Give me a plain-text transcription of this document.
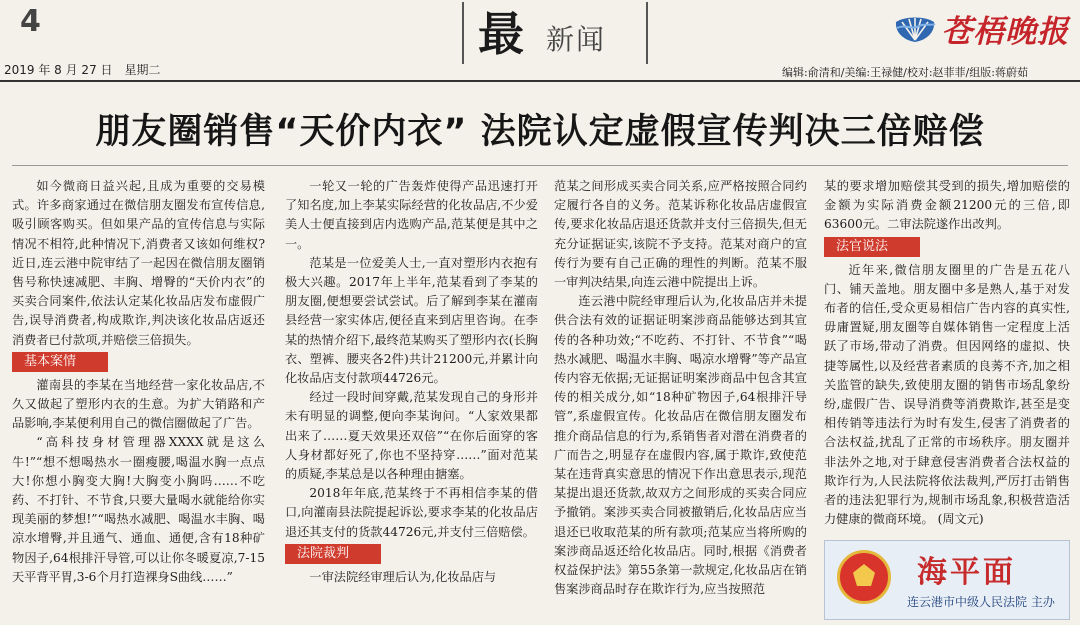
4
2019 年 8 月 27 日　星期二
最 新闻	苍梧晚报
编辑:俞清和/美编:王禄健/校对:赵菲菲/组版:蒋蔚茹
朋友圈销售“天价内衣” 法院认定虚假宣传判决三倍赔偿

如今微商日益兴起,且成为重要的交易模式。许多商家通过在微信朋友圈发布宣传信息,吸引顾客购买。但如果产品的宣传信息与实际情况不相符,此种情况下,消费者又该如何维权?近日,连云港中院审结了一起因在微信朋友圈销售号称快速减肥、丰胸、增臀的“天价内衣”的买卖合同案件,依法认定某化妆品店发布虚假广告,误导消费者,构成欺诈,判决该化妆品店返还消费者已付款项,并赔偿三倍损失。

基本案情

灌南县的李某在当地经营一家化妆品店,不久又做起了塑形内衣的生意。为扩大销路和产品影响,李某便利用自己的微信圈做起了广告。

“高科技身材管理器XXXX就是这么牛!”“想不想喝热水一圈瘦腰,喝温水胸一点点大!你想小胸变大胸!大胸变小胸吗……不吃药、不打针、不节食,只要大量喝水就能给你实现美丽的梦想!”“喝热水减肥、喝温水丰胸、喝凉水增臀,并且通气、通血、通便,含有18种矿物因子,64根排汗导管,可以让你冬暖夏凉,7-15天平背平胃,3-6个月打造裸身S曲线……”

一轮又一轮的广告轰炸使得产品迅速打开了知名度,加上李某实际经营的化妆品店,不少爱美人士便直接到店内选购产品,范某便是其中之一。

范某是一位爱美人士,一直对塑形内衣抱有极大兴趣。2017年上半年,范某看到了李某的朋友圈,便想要尝试尝试。后了解到李某在灌南县经营一家实体店,便径直来到店里咨询。在李某的热情介绍下,最终范某购买了塑形内衣(长胸衣、塑裤、腰夹各2件)共计21200元,并累计向化妆品店支付款项44726元。

经过一段时间穿戴,范某发现自己的身形并未有明显的调整,便向李某询问。“人家效果都出来了……夏天效果还双倍”“在你后面穿的客人身材都好死了,你也不坚持穿……”面对范某的质疑,李某总是以各种理由搪塞。

2018年年底,范某终于不再相信李某的借口,向灌南县法院提起诉讼,要求李某的化妆品店退还其支付的货款44726元,并支付三倍赔偿。

法院裁判

一审法院经审理后认为,化妆品店与

范某之间形成买卖合同关系,应严格按照合同约定履行各自的义务。范某诉称化妆品店虚假宣传,要求化妆品店退还货款并支付三倍损失,但无充分证据证实,该院不予支持。范某对商户的宣传行为要有自己正确的理性的判断。范某不服一审判决结果,向连云港中院提出上诉。

连云港中院经审理后认为,化妆品店并未提供合法有效的证据证明案涉商品能够达到其宣传的各种功效;“不吃药、不打针、不节食”“喝热水减肥、喝温水丰胸、喝凉水增臀”等产品宣传内容无依据;无证据证明案涉商品中包含其宣传的相关成分,如“18种矿物因子,64根排汗导管”,系虚假宣传。化妆品店在微信朋友圈发布推介商品信息的行为,系销售者对潜在消费者的广而告之,明显存在虚假内容,属于欺诈,致使范某在违背真实意思的情况下作出意思表示,现范某提出退还货款,故双方之间形成的买卖合同应予撤销。案涉买卖合同被撤销后,化妆品店应当退还已收取范某的所有款项;范某应当将所购的案涉商品返还给化妆品店。同时,根据《消费者权益保护法》第55条第一款规定,化妆品店在销售案涉商品时存在欺诈行为,应当按照范

某的要求增加赔偿其受到的损失,增加赔偿的金额为实际消费金额21200元的三倍,即63600元。二审法院遂作出改判。

法官说法

近年来,微信朋友圈里的广告是五花八门、铺天盖地。朋友圈中多是熟人,基于对发布者的信任,受众更易相信广告内容的真实性,毋庸置疑,朋友圈等自媒体销售一定程度上活跃了市场,带动了消费。但因网络的虚拟、快捷等属性,以及经营者素质的良莠不齐,加之相关监管的缺失,致使朋友圈的销售市场乱象纷纷,虚假广告、误导消费等消费欺诈,甚至是变相传销等违法行为时有发生,侵害了消费者的合法权益,扰乱了正常的市场秩序。朋友圈并非法外之地,对于肆意侵害消费者合法权益的欺诈行为,人民法院将依法裁判,严厉打击销售者的违法犯罪行为,规制市场乱象,积极营造活力健康的微商环境。 (周文元)

海平面
连云港市中级人民法院 主办
